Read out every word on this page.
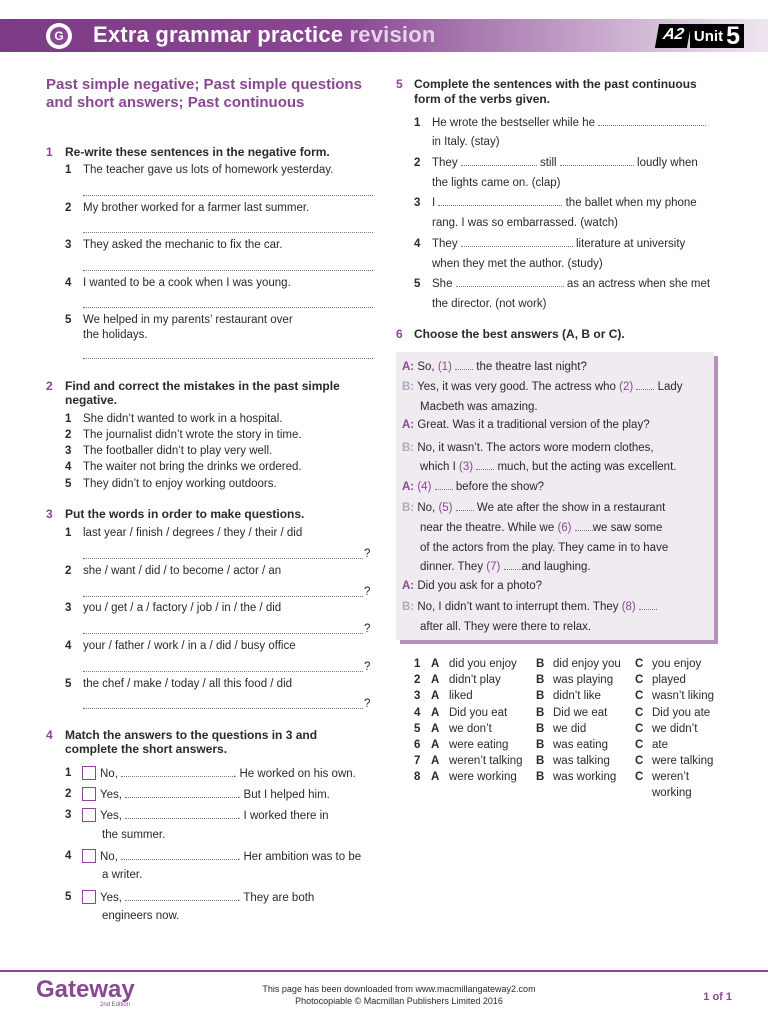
G Extra grammar practice revision	A2 Unit 5
Past simple negative; Past simple questions and short answers; Past continuous
1 Re-write these sentences in the negative form.
1 The teacher gave us lots of homework yesterday.
2 My brother worked for a farmer last summer.
3 They asked the mechanic to fix the car.
4 I wanted to be a cook when I was young.
5 We helped in my parents’ restaurant over
the holidays.
2 Find and correct the mistakes in the past simple
negative.
1 She didn’t wanted to work in a hospital.
2 The journalist didn’t wrote the story in time.
3 The footballer didn’t to play very well.
4 The waiter not bring the drinks we ordered.
5 They didn’t to enjoy working outdoors.
3 Put the words in order to make questions.
1 last year / finish / degrees / they / their / did
?
2 she / want / did / to become / actor / an
?
3 you / get / a / factory / job / in / the / did
?
4 your / father / work / in a / did / busy office
?
5 the chef / make / today / all this food / did
?
4 Match the answers to the questions in 3 and
complete the short answers.
1	No,	. He worked on his own.
2	Yes,	. But I helped him.
3	Yes,	. I worked there in
the summer.
4	No,	. Her ambition was to be
a writer.
5	Yes,	. They are both
engineers now.
5 Complete the sentences with the past continuous
form of the verbs given.
1 He wrote the bestseller while he
in Italy. (stay)
2 They	still	loudly when
the lights came on. (clap)
3 I	the ballet when my phone
rang. I was so embarrassed. (watch)
4 They	literature at university
when they met the author. (study)
5 She	as an actress when she met
the director. (not work)
6 Choose the best answers (A, B or C).
A: So, (1) the theatre last night?
B: Yes, it was very good. The actress who (2) Lady
Macbeth was amazing.
A: Great. Was it a traditional version of the play?
B: No, it wasn’t. The actors wore modern clothes,
which I (3) much, but the acting was excellent.
A: (4) before the show?
B: No, (5) We ate after the show in a restaurant
near the theatre. While we (6) we saw some
of the actors from the play. They came in to have
dinner. They (7) and laughing.
A: Did you ask for a photo?
B: No, I didn’t want to interrupt them. They (8)
after all. They were there to relax.
1 A did you enjoy B did enjoy you C you enjoy
2 A didn’t play	B was playing C played
3 A liked	B didn’t like	C wasn’t liking
4 A Did you eat	B Did we eat C Did you ate
5 A we don’t	B we did	C we didn’t
6 A were eating B was eating C ate
7 A weren’t talking B was talking C were talking
8 A were working B was working C weren’t
working
Gateway
2nd Edition
This page has been downloaded from www.macmillangateway2.com
Photocopiable © Macmillan Publishers Limited 2016	1 of 1
